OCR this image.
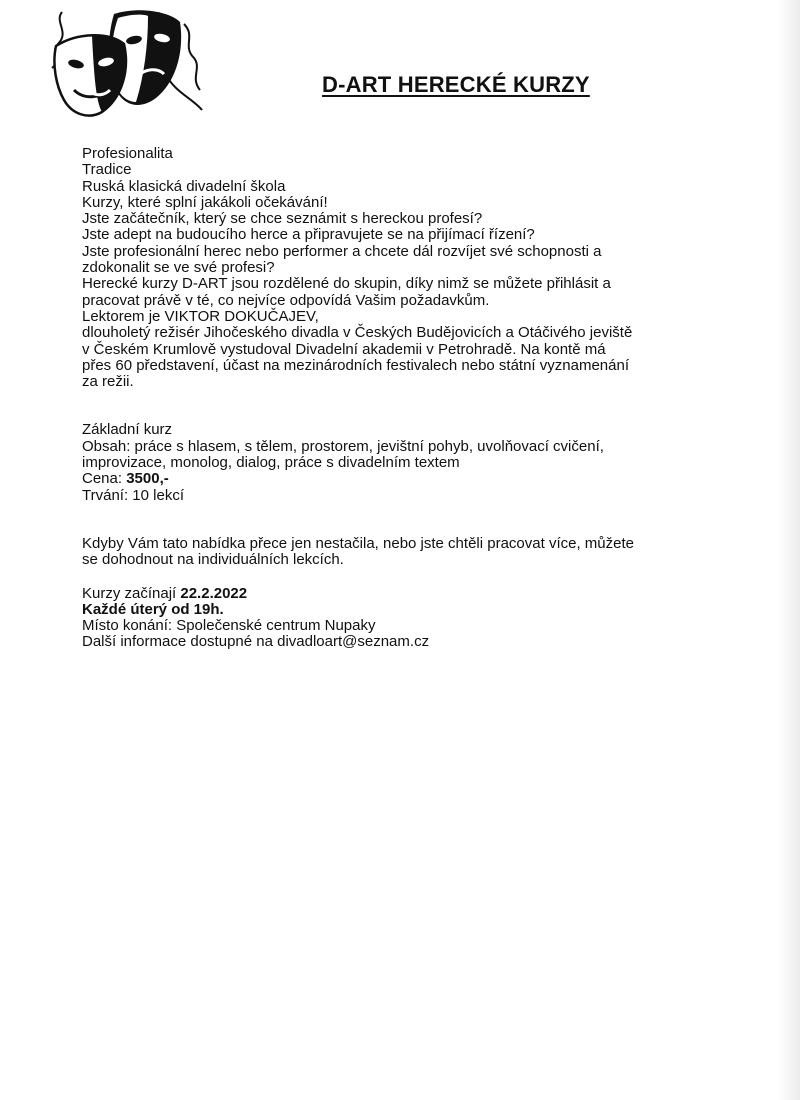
D-ART HERECKÉ KURZY
Profesionalita
Tradice
Ruská klasická divadelní škola
Kurzy, které splní jakákoli očekávání!
Jste začátečník, který se chce seznámit s hereckou profesí?
Jste adept na budoucího herce a připravujete se na přijímací řízení?
Jste profesionální herec nebo performer a chcete dál rozvíjet své schopnosti a
zdokonalit se ve své profesi?
Herecké kurzy D-ART jsou rozdělené do skupin, díky nimž se můžete přihlásit a
pracovat právě v té, co nejvíce odpovídá Vašim požadavkům.
Lektorem je VIKTOR DOKUČAJEV,
dlouholetý režisér Jihočeského divadla v Českých Budějovicích a Otáčivého jeviště
v Českém Krumlově vystudoval Divadelní akademii v Petrohradě. Na kontě má
přes 60 představení, účast na mezinárodních festivalech nebo státní vyznamenání
za režii.
Základní kurz
Obsah: práce s hlasem, s tělem, prostorem, jevištní pohyb, uvolňovací cvičení,
improvizace, monolog, dialog, práce s divadelním textem
Cena: 3500,-
Trvání: 10 lekcí
Kdyby Vám tato nabídka přece jen nestačila, nebo jste chtěli pracovat více, můžete
se dohodnout na individuálních lekcích.
Kurzy začínají 22.2.2022
Každé úterý od 19h.
Místo konání: Společenské centrum Nupaky
Další informace dostupné na divadloart@seznam.cz
